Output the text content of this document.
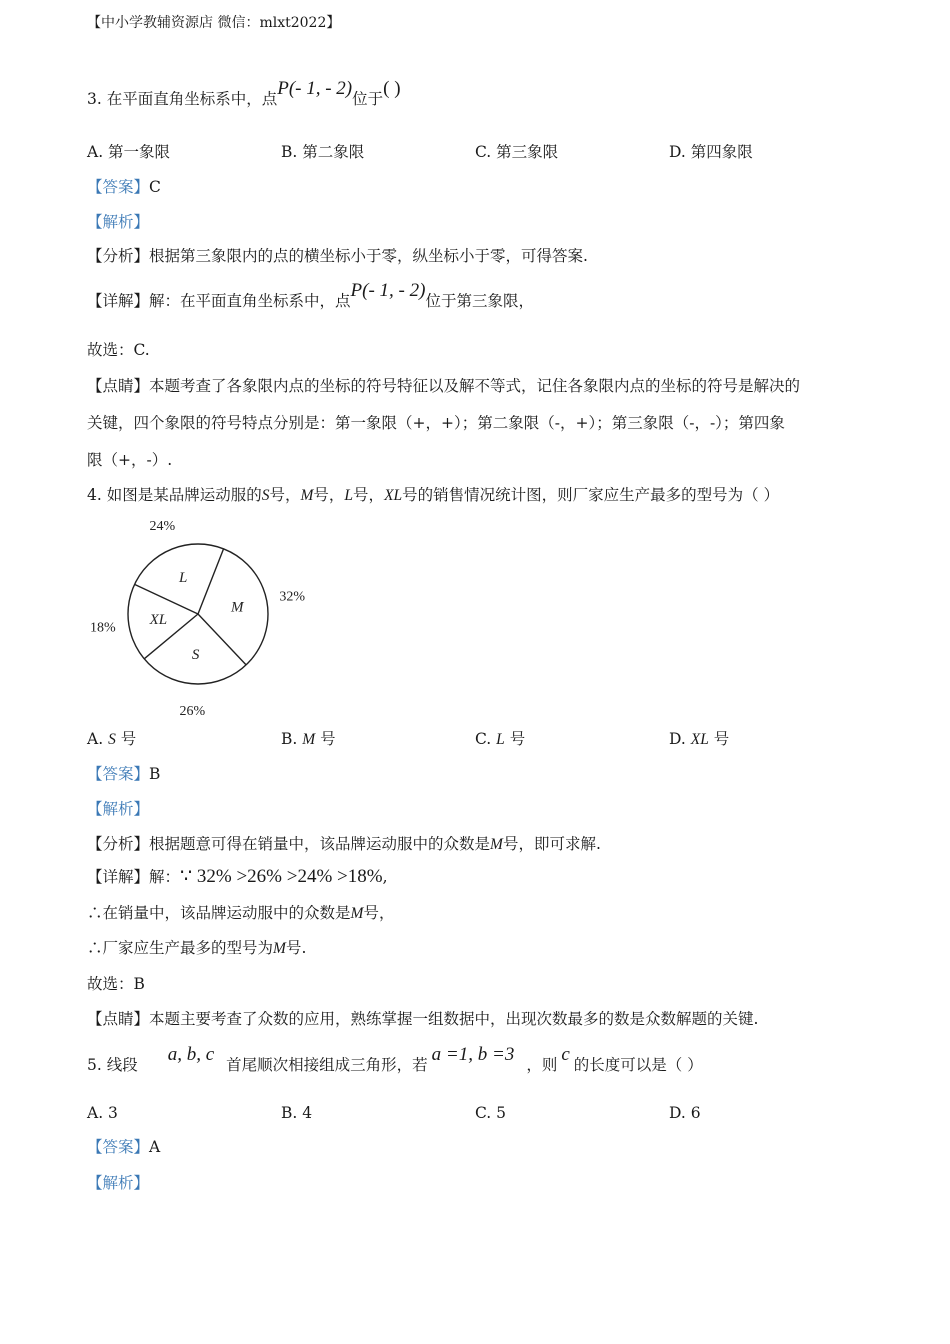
【中小学教辅资源店 微信：mlxt2022】
3. 在平面直角坐标系中，点P(- 1, - 2)位于( )
A. 第一象限	B. 第二象限	C. 第三象限	D. 第四象限
【答案】C
【解析】
【分析】根据第三象限内的点的横坐标小于零，纵坐标小于零，可得答案.
【详解】解：在平面直角坐标系中，点P(- 1, - 2)位于第三象限，
故选：C.
【点睛】本题考查了各象限内点的坐标的符号特征以及解不等式，记住各象限内点的坐标的符号是解决的
关键，四个象限的符号特点分别是：第一象限（+，+）；第二象限（-，+）；第三象限（-，-）；第四象
限（+，-）.
4. 如图是某品牌运动服的S号，M号，L号，XL号的销售情况统计图，则厂家应生产最多的型号为（ ）
L
24%
M
32%
S
26%
XL
18%
A. S 号	B. M 号	C. L 号	D. XL 号
【答案】B
【解析】
【分析】根据题意可得在销量中，该品牌运动服中的众数是M号，即可求解.
【详解】解：∵ 32% >26% >24% >18%,
∴在销量中，该品牌运动服中的众数是M号，
∴厂家应生产最多的型号为M号.
故选：B
【点睛】本题主要考查了众数的应用，熟练掌握一组数据中，出现次数最多的数是众数解题的关键.
5. 线段 a, b, c 首尾顺次相接组成三角形，若 a =1, b =3 ，则 c 的长度可以是（ ）
A. 3	B. 4	C. 5	D. 6
【答案】A
【解析】
